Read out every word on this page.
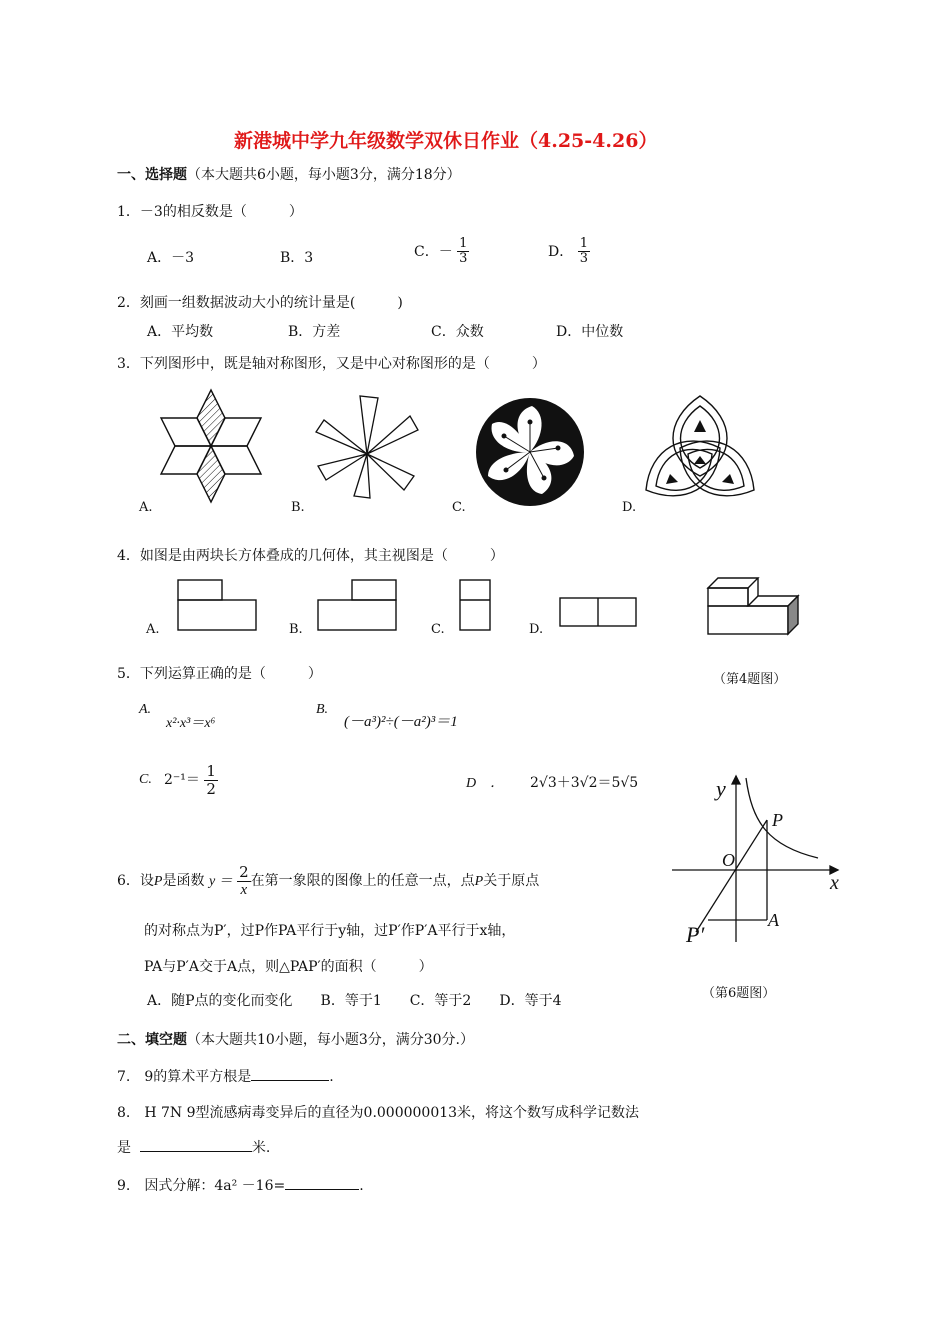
新港城中学九年级数学双休日作业（4.25-4.26）
一、选择题（本大题共6小题，每小题3分，满分18分）
1．－3的相反数是（　　　）
A．－3	B．3	C．－ $\frac{1}{3}$	D． $\frac{1}{3}$
2．刻画一组数据波动大小的统计量是(　　　)
A．平均数	B．方差	C．众数	D．中位数
3．下列图形中，既是轴对称图形，又是中心对称图形的是（　　　）
A.	B.	C.	D.
4．如图是由两块长方体叠成的几何体，其主视图是（　　　）
A.	B.	C.	D.
（第4题图）
5．下列运算正确的是（　　　）
A.
x²·x³＝x⁶
B.
(－a³)²÷(－a²)³＝1
C. $2^{-1}= \frac{1}{2}$	D　． 2√3＋3√2＝5√5	y
x
O
P
P′
A
（第6题图）
6．设P是函数 $y = \frac{2}{x}$ 在第一象限的图像上的任意一点，点P关于原点
的对称点为P′，过P作PA平行于y轴，过P′作P′A平行于x轴，
PA与P′A交于A点，则△PAP′的面积（　　　）
A．随P点的变化而变化　　B．等于1　　C．等于2　　D．等于4
二、填空题（本大题共10小题，每小题3分，满分30分.）
7.　9的算术平方根是	.
8.　H 7N 9型流感病毒变异后的直径为0.000000013米，将这个数写成科学记数法
是	米.
9.　因式分解：4a² －16=	.
